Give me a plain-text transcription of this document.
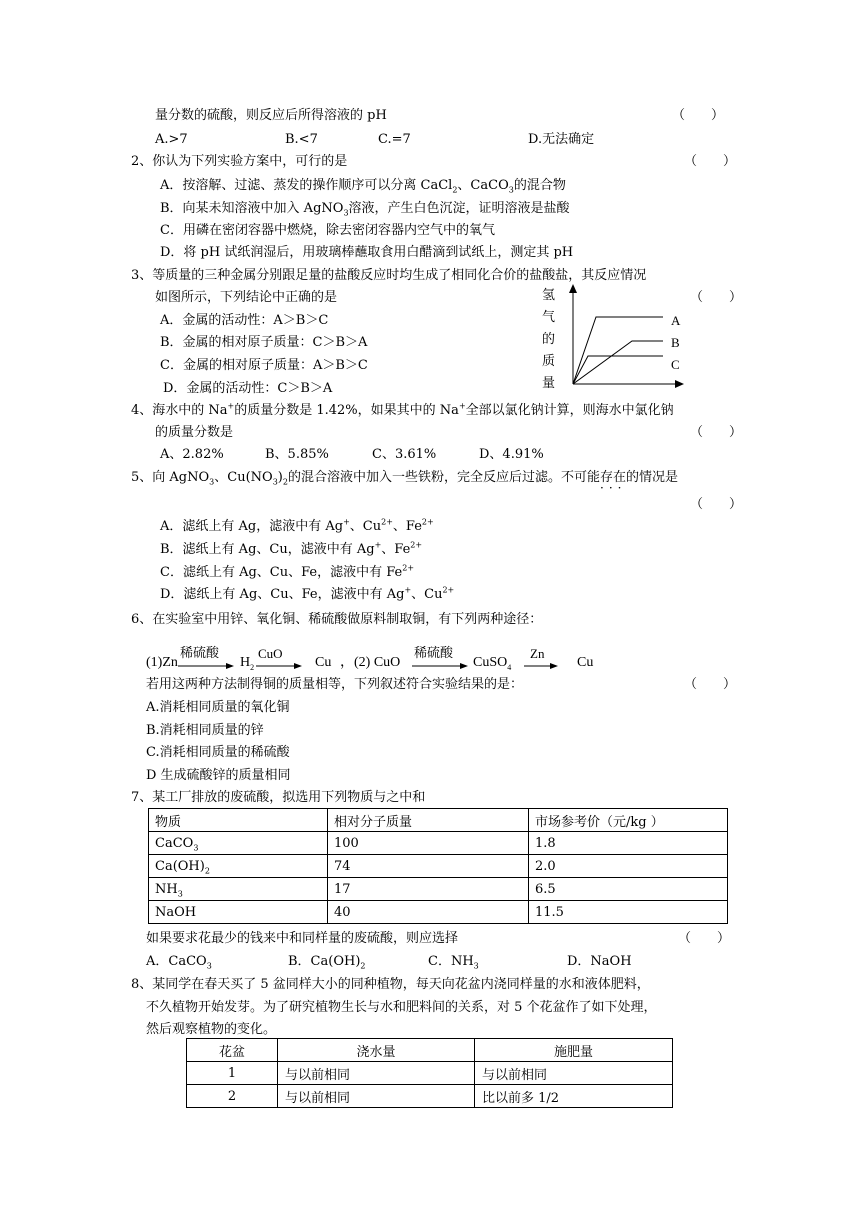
量分数的硫酸，则反应后所得溶液的 pH	（　　）
A.>7	B.<7	C.=7	D.无法确定
2、你认为下列实验方案中，可行的是	（　　）
A．按溶解、过滤、蒸发的操作顺序可以分离 CaCl$_2$、CaCO$_3$的混合物
B．向某未知溶液中加入 AgNO$_3$溶液，产生白色沉淀，证明溶液是盐酸
C．用磷在密闭容器中燃烧，除去密闭容器内空气中的氧气
D．将 pH 试纸润湿后，用玻璃棒蘸取食用白醋滴到试纸上，测定其 pH
3、等质量的三种金属分别跟足量的盐酸反应时均生成了相同化合价的盐酸盐，其反应情况
如图所示，下列结论中正确的是	（　　）
A．金属的活动性：A＞B＞C
B．金属的相对原子质量：C＞B＞A
C．金属的相对原子质量：A＞B＞C
D．金属的活动性：C＞B＞A
氢
气
的
质
量
A
B
C
4、海水中的 Na+的质量分数是 1.42%，如果其中的 Na+全部以氯化钠计算，则海水中氯化钠
的质量分数是	（　　）
A、2.82%	B、5.85%	C、3.61%	D、4.91%
5、向 AgNO$_3$、$Cu(NO_3)_2$的混合溶液中加入一些铁粉，完全反应后过滤。不可能存在的情况是
···
（　　）
A．滤纸上有 Ag，滤液中有 Ag+、$Cu^{2+}$、$Fe^{2+}$
B．滤纸上有 Ag、Cu，滤液中有 Ag+、$Fe^{2+}$
C．滤纸上有 Ag、Cu、Fe，滤液中有 $Fe^{2+}$
D．滤纸上有 Ag、Cu、Fe，滤液中有 Ag+、$Cu^{2+}$
6、在实验室中用锌、氧化铜、稀硫酸做原料制取铜，有下列两种途径：
(1)Zn
稀硫酸
$H_2$
CuO
Cu ，(2) CuO
稀硫酸
CuSO$_4$
Zn
Cu
若用这两种方法制得铜的质量相等，下列叙述符合实验结果的是：	（　　）
A.消耗相同质量的氧化铜
B.消耗相同质量的锌
C.消耗相同质量的稀硫酸
D 生成硫酸锌的质量相同
7、某工厂排放的废硫酸，拟选用下列物质与之中和
物质	相对分子质量	市场参考价（元/kg ）
CaCO$_3$	100	1.8
$Ca(OH)_2$	74	2.0
$NH_3$	17	6.5
NaOH	40	11.5
如果要求花最少的钱来中和同样量的废硫酸，则应选择	（　　）
A．CaCO$_3$	B．$Ca(OH)_2$	C．$NH_3$	D．NaOH
8、某同学在春天买了 5 盆同样大小的同种植物，每天向花盆内浇同样量的水和液体肥料，
不久植物开始发芽。为了研究植物生长与水和肥料间的关系，对 5 个花盆作了如下处理，
然后观察植物的变化。
花盆	浇水量	施肥量
1	与以前相同	与以前相同
2	与以前相同	比以前多 1/2
